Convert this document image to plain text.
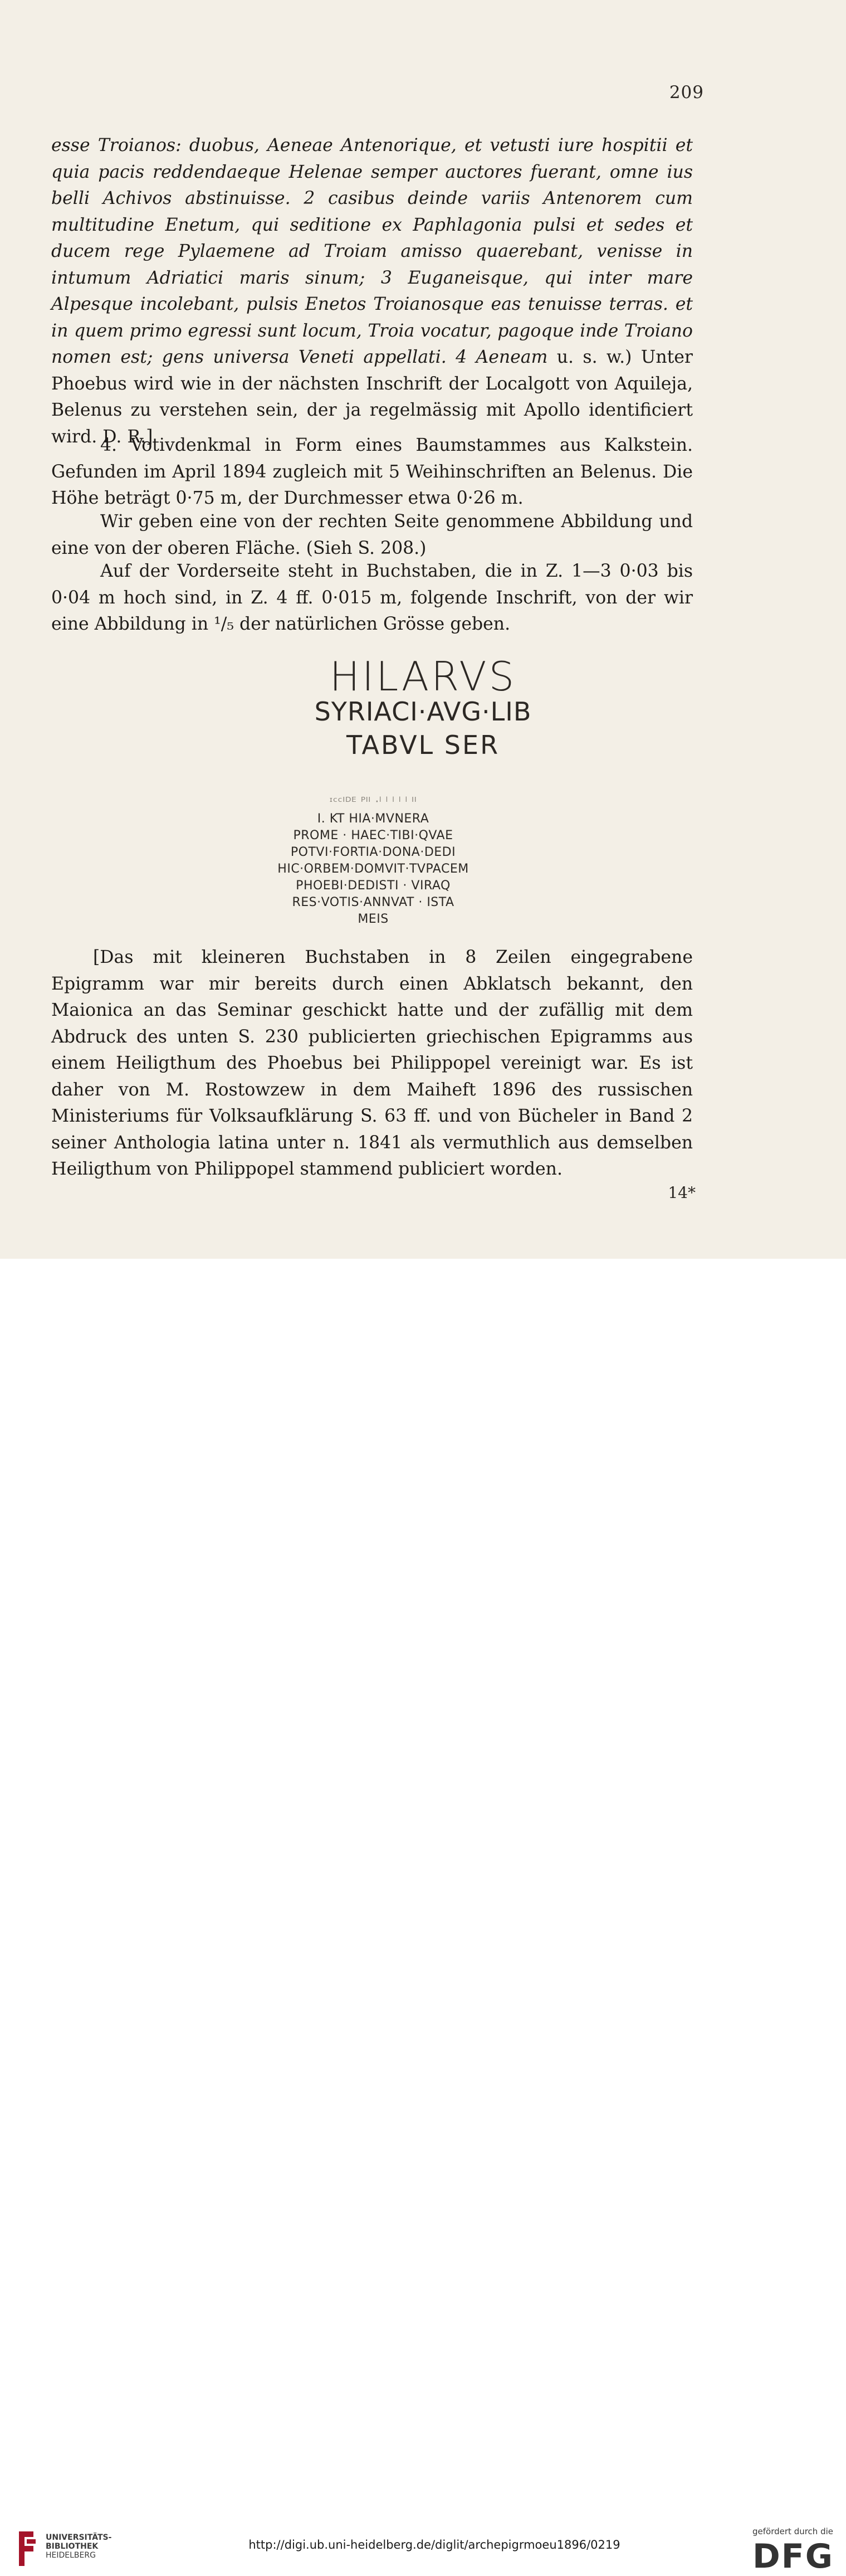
209

esse Troianos: duobus, Aeneae Antenorique, et vetusti iure hospitii et quia pacis reddendaeque Helenae semper auctores fuerant, omne ius belli Achivos abstinuisse. 2 casibus deinde variis Antenorem cum multitudine Enetum, qui seditione ex Paphlagonia pulsi et sedes et ducem rege Pylaemene ad Troiam amisso quaerebant, venisse in intumum Adriatici maris sinum; 3 Euganeisque, qui inter mare Alpesque incolebant, pulsis Enetos Troianosque eas tenuisse terras. et in quem primo egressi sunt locum, Troia vocatur, pagoque inde Troiano nomen est; gens universa Veneti appellati. 4 Aeneam u. s. w.) Unter Phoebus wird wie in der nächsten Inschrift der Localgott von Aquileja, Belenus zu verstehen sein, der ja regelmässig mit Apollo identificiert wird. D. R.]

4. Votivdenkmal in Form eines Baumstammes aus Kalkstein. Gefunden im April 1894 zugleich mit 5 Weihinschriften an Belenus. Die Höhe beträgt 0·75 m, der Durchmesser etwa 0·26 m.

Wir geben eine von der rechten Seite genommene Abbildung und eine von der oberen Fläche. (Sieh S. 208.)

Auf der Vorderseite steht in Buchstaben, die in Z. 1—3 0·03 bis 0·04 m hoch sind, in Z. 4 ff. 0·015 m, folgende Inschrift, von der wir eine Abbildung in ¹/₅ der natürlichen Grösse geben.

HILARVS
SYRIACI·AVG·LIB
TABVL SER
ᶦᶜᶜᴵᴰᴱ ᴾᴵᴵ ·ˡ ˡ ˡ ˡ ˡ ᴵᴵ
I. KT HIA·MVNERA
PROME · HAEC·TIBI·QVAE
POTVI·FORTIA·DONA·DEDI
HIC·ORBEM·DOMVIT·TVPACEM
PHOEBI·DEDISTI · VIRAQ
RES·VOTIS·ANNVAT · ISTA
MEIS

[Das mit kleineren Buchstaben in 8 Zeilen eingegrabene Epigramm war mir bereits durch einen Abklatsch bekannt, den Maionica an das Seminar geschickt hatte und der zufällig mit dem Abdruck des unten S. 230 publicierten griechischen Epigramms aus einem Heiligthum des Phoebus bei Philippopel vereinigt war. Es ist daher von M. Rostowzew in dem Maiheft 1896 des russischen Ministeriums für Volksaufklärung S. 63 ff. und von Bücheler in Band 2 seiner Anthologia latina unter n. 1841 als vermuthlich aus demselben Heiligthum von Philippopel stammend publiciert worden.

14*
UNIVERSITÄTS-
BIBLIOTHEK
HEIDELBERG
http://digi.ub.uni-heidelberg.de/diglit/archepigrmoeu1896/0219
gefördert durch die
DFG
